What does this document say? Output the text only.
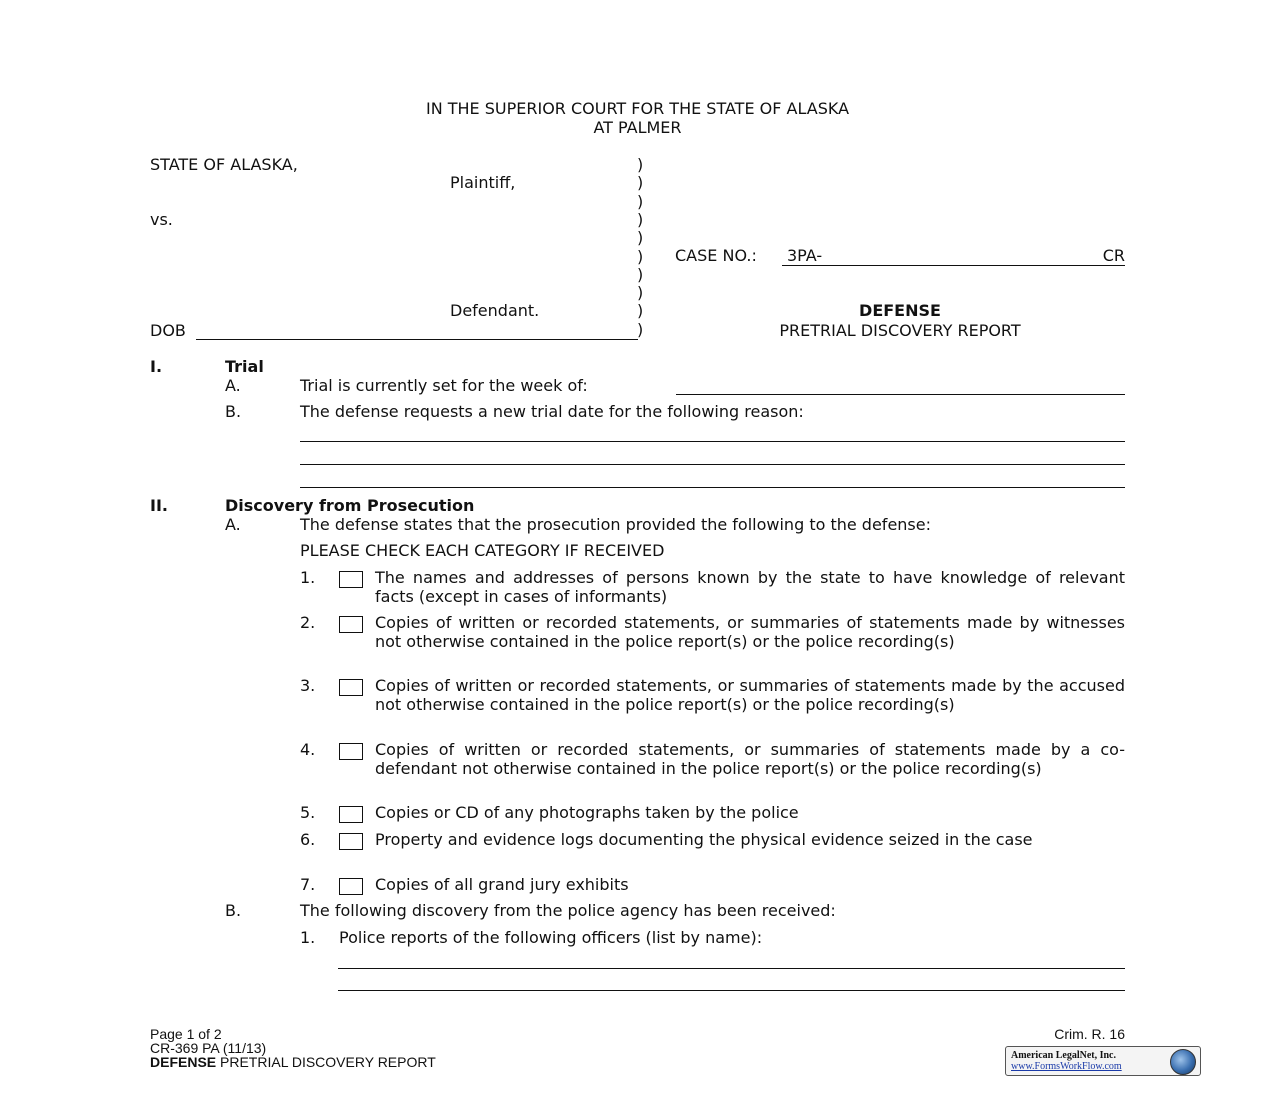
IN THE SUPERIOR COURT FOR THE STATE OF ALASKA
AT PALMER
STATE OF ALASKA,
Plaintiff,
vs.
Defendant.
DOB
)
)
)
)
)
)
)
)
)
)
CASE NO.: 3PA-	CR
DEFENSE
PRETRIAL DISCOVERY REPORT
I.	Trial
A.	Trial is currently set for the week of:
B.	The defense requests a new trial date for the following reason:
II.	Discovery from Prosecution
A.	The defense states that the prosecution provided the following to the defense:
PLEASE CHECK EACH CATEGORY IF RECEIVED
1.	The names and addresses of persons known by the state to have knowledge of relevant facts (except in cases of informants)
2.	Copies of written or recorded statements, or summaries of statements made by witnesses not otherwise contained in the police report(s) or the police recording(s)
3.	Copies of written or recorded statements, or summaries of statements made by the accused not otherwise contained in the police report(s) or the police recording(s)
4.	Copies of written or recorded statements, or summaries of statements made by a co-defendant not otherwise contained in the police report(s) or the police recording(s)
5.	Copies or CD of any photographs taken by the police
6.	Property and evidence logs documenting the physical evidence seized in the case
7.	Copies of all grand jury exhibits
B.	The following discovery from the police agency has been received:
1. Police reports of the following officers (list by name):
Page 1 of 2
CR-369 PA (11/13)
DEFENSE PRETRIAL DISCOVERY REPORT
Crim. R. 16
American LegalNet, Inc.
www.FormsWorkFlow.com
